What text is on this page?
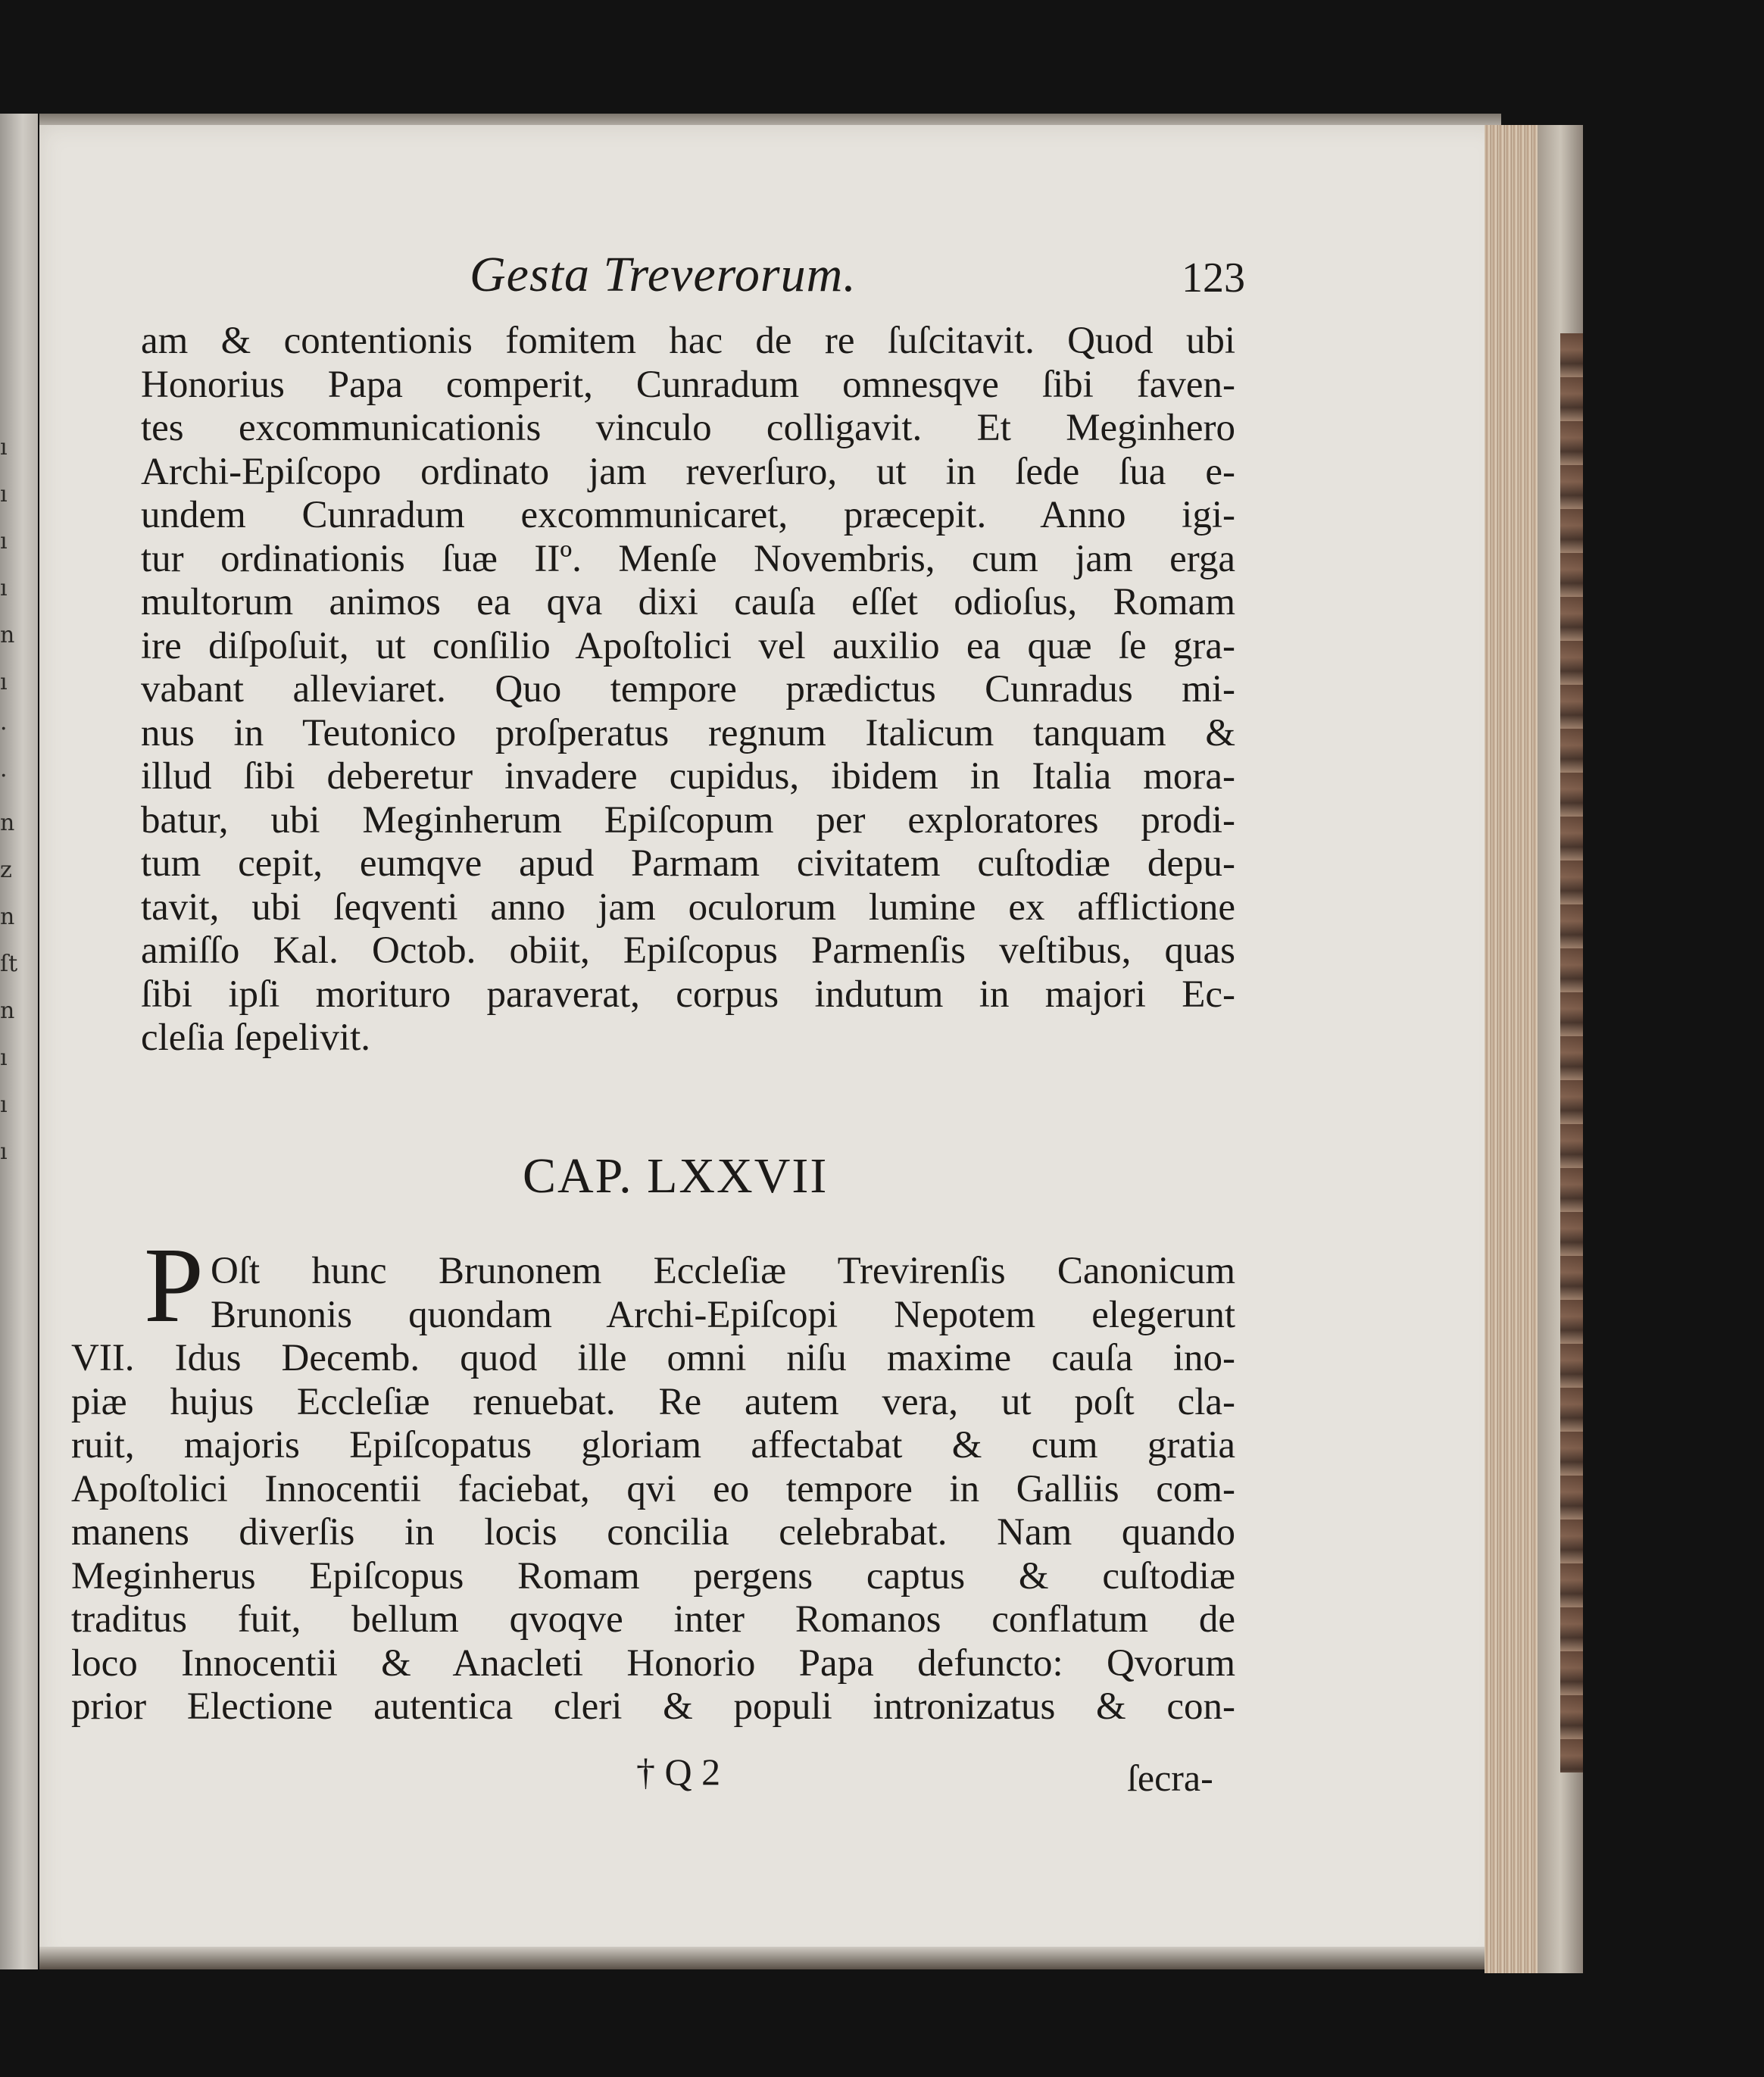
ı
ı
ı
ı
n
ı
·
·
n
z
n
ſt
n
ı
ı
ı
Gesta Treverorum.	123
am & contentionis fomitem hac de re ſuſcitavit. Quod ubi
Honorius Papa comperit, Cunradum omnesqve ſibi faven-
tes excommunicationis vinculo colligavit. Et Meginhero
Archi-Epiſcopo ordinato jam reverſuro, ut in ſede ſua e-
undem Cunradum excommunicaret, præcepit. Anno igi-
tur ordinationis ſuæ IIº. Menſe Novembris, cum jam erga
multorum animos ea qva dixi cauſa eſſet odioſus, Romam
ire diſpoſuit, ut conſilio Apoſtolici vel auxilio ea quæ ſe gra-
vabant alleviaret. Quo tempore prædictus Cunradus mi-
nus in Teutonico proſperatus regnum Italicum tanquam &
illud ſibi deberetur invadere cupidus, ibidem in Italia mora-
batur, ubi Meginherum Epiſcopum per exploratores prodi-
tum cepit, eumqve apud Parmam civitatem cuſtodiæ depu-
tavit, ubi ſeqventi anno jam oculorum lumine ex afflictione
amiſſo Kal. Octob. obiit, Epiſcopus Parmenſis veſtibus, quas
ſibi ipſi morituro paraverat, corpus indutum in majori Ec-
cleſia ſepelivit.
CAP. LXXVII
P Oſt hunc Brunonem Eccleſiæ Trevirenſis Canonicum
Brunonis quondam Archi-Epiſcopi Nepotem elegerunt
VII. Idus Decemb. quod ille omni niſu maxime cauſa ino-
piæ hujus Eccleſiæ renuebat. Re autem vera, ut poſt cla-
ruit, majoris Epiſcopatus gloriam affectabat & cum gratia
Apoſtolici Innocentii faciebat, qvi eo tempore in Galliis com-
manens diverſis in locis concilia celebrabat. Nam quando
Meginherus Epiſcopus Romam pergens captus & cuſtodiæ
traditus fuit, bellum qvoqve inter Romanos conflatum de
loco Innocentii & Anacleti Honorio Papa defuncto: Qvorum
prior Electione autentica cleri & populi intronizatus & con-
† Q 2	ſecra-
